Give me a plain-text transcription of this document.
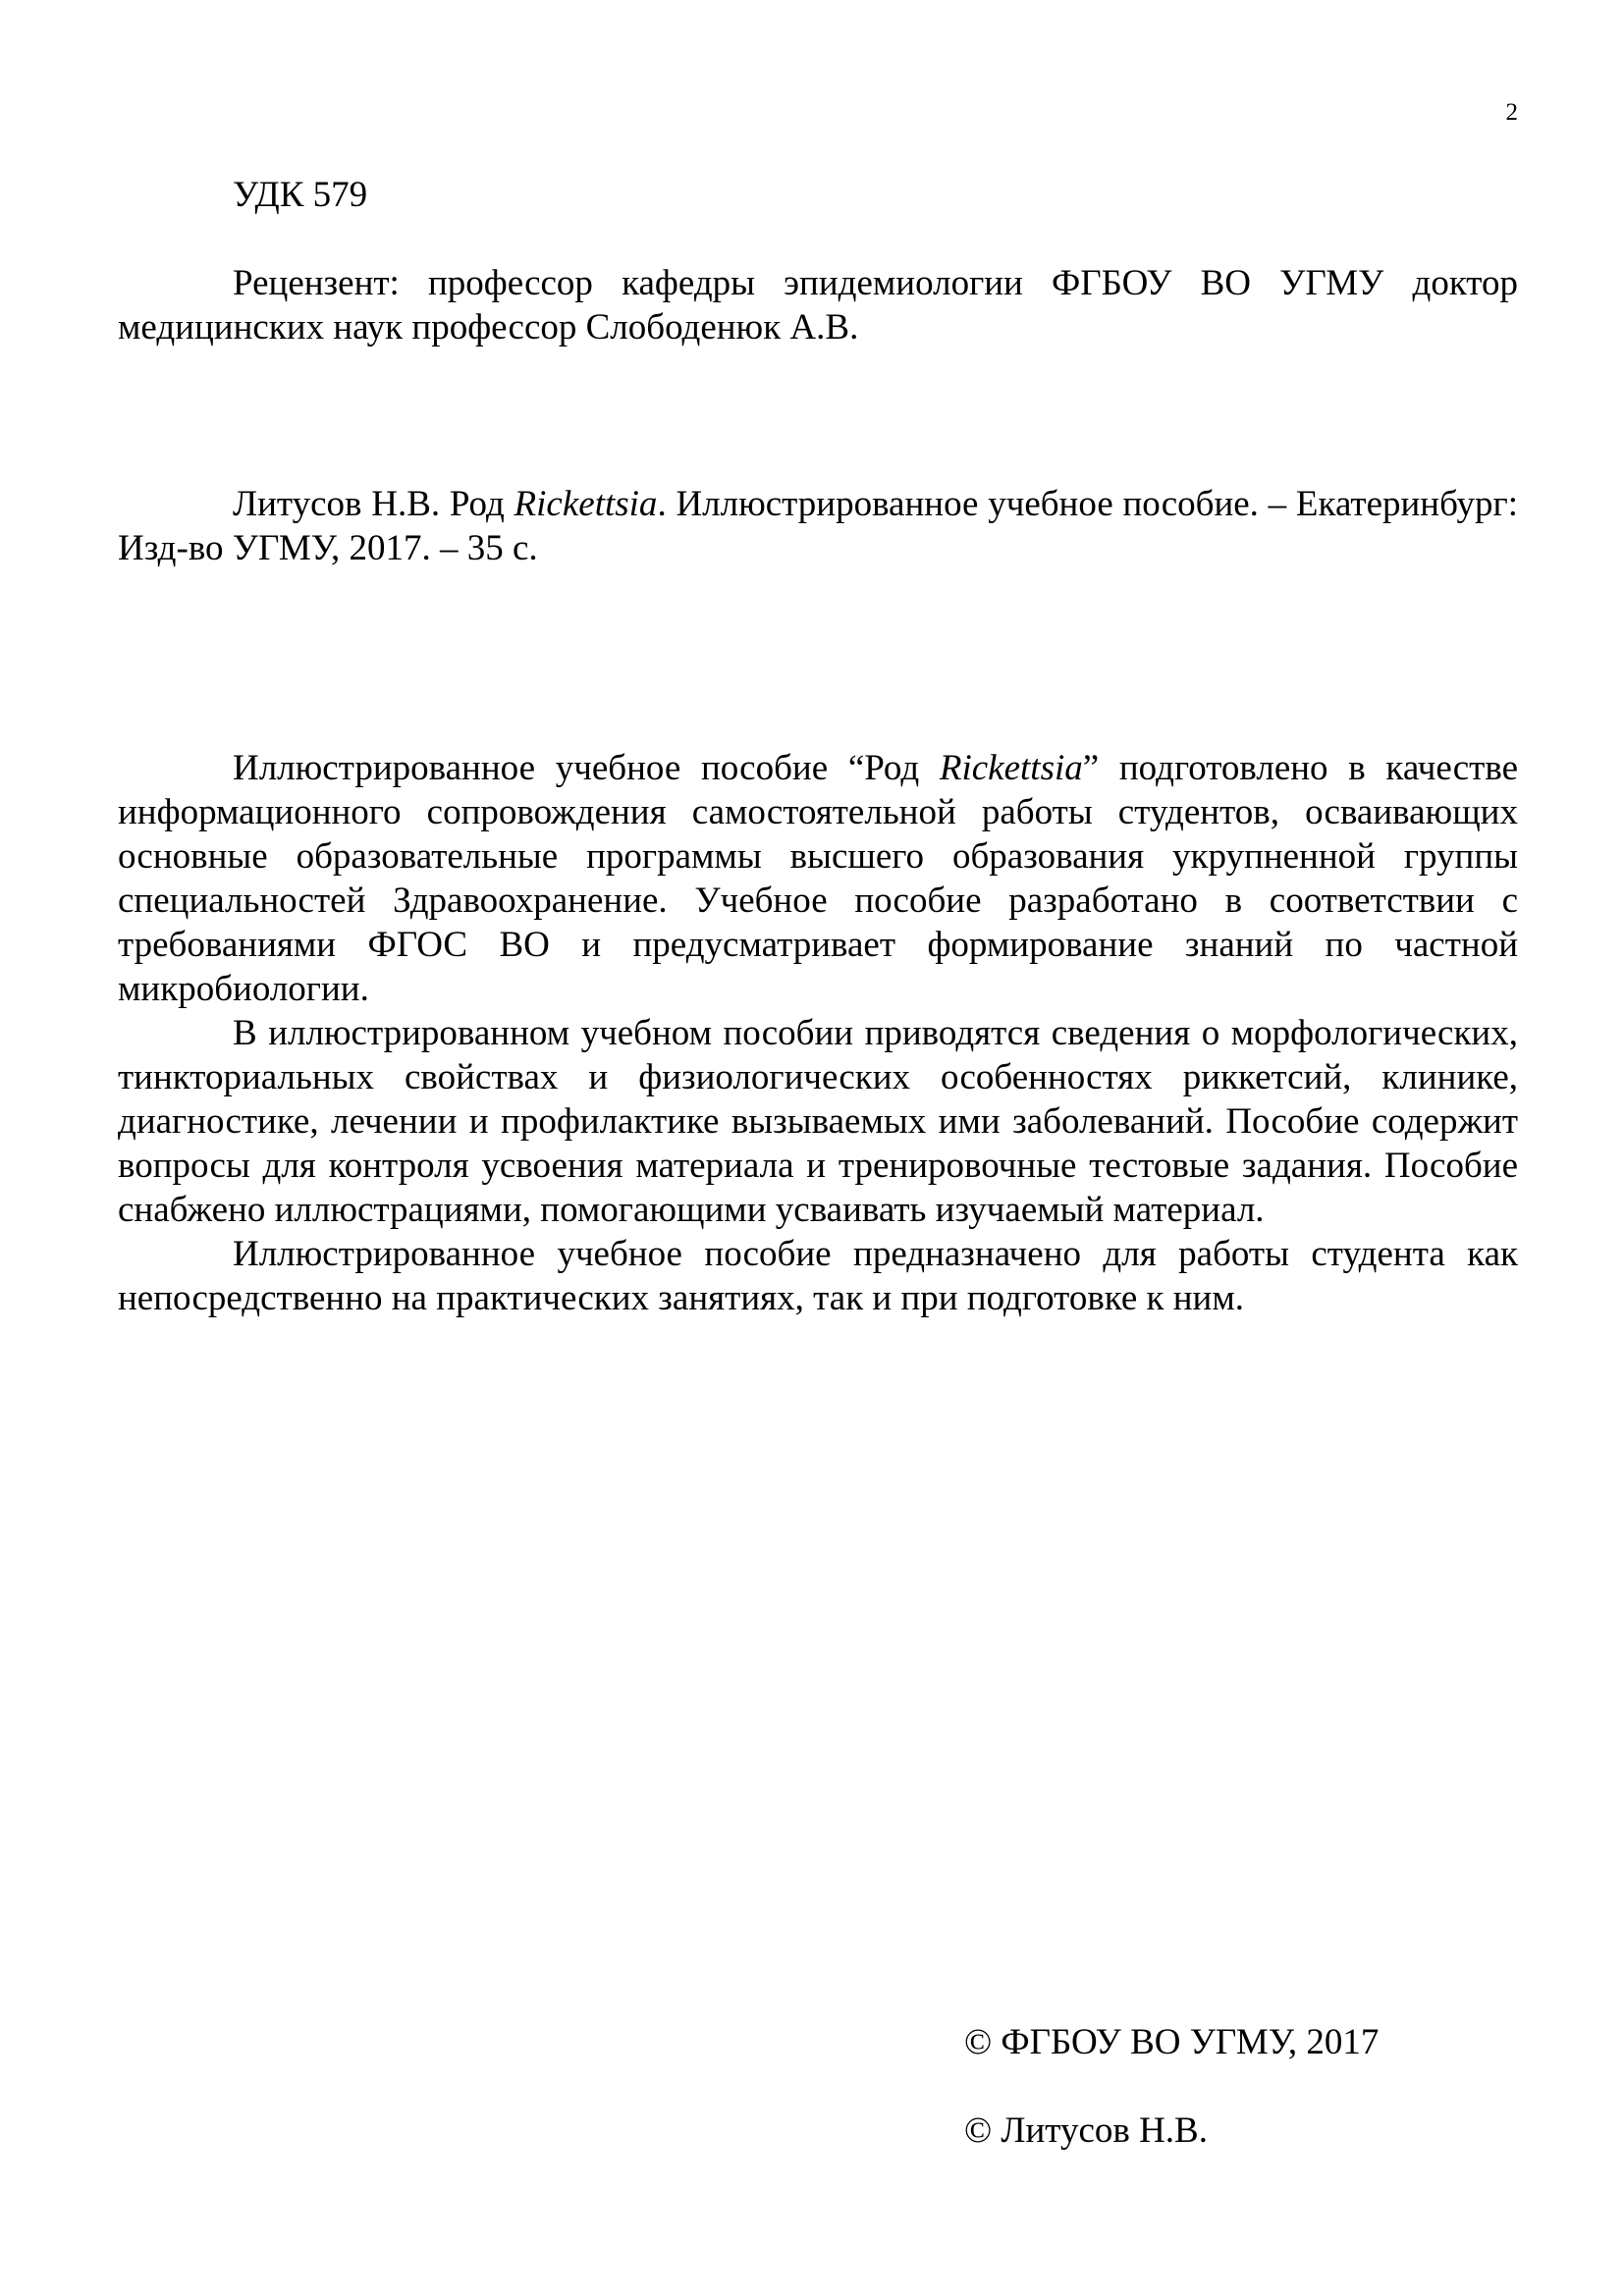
2

УДК 579

Рецензент: профессор кафедры эпидемиологии ФГБОУ ВО УГМУ доктор медицинских наук профессор Слободенюк А.В.

Литусов Н.В. Род Rickettsia. Иллюстрированное учебное пособие. – Екатеринбург: Изд-во УГМУ, 2017. – 35 с.

Иллюстрированное учебное пособие “Род Rickettsia” подготовлено в качестве информационного сопровождения самостоятельной работы студентов, осваивающих основные образовательные программы высшего образования укрупненной группы специальностей Здравоохранение. Учебное пособие разработано в соответствии с требованиями ФГОС ВО и предусматривает формирование знаний по частной микробиологии.

В иллюстрированном учебном пособии приводятся сведения о морфологических, тинкториальных свойствах и физиологических особенностях риккетсий, клинике, диагностике, лечении и профилактике вызываемых ими заболеваний. Пособие содержит вопросы для контроля усвоения материала и тренировочные тестовые задания. Пособие снабжено иллюстрациями, помогающими усваивать изучаемый материал.

Иллюстрированное учебное пособие предназначено для работы студента как непосредственно на практических занятиях, так и при подготовке к ним.

© ФГБОУ ВО УГМУ, 2017
© Литусов Н.В.
